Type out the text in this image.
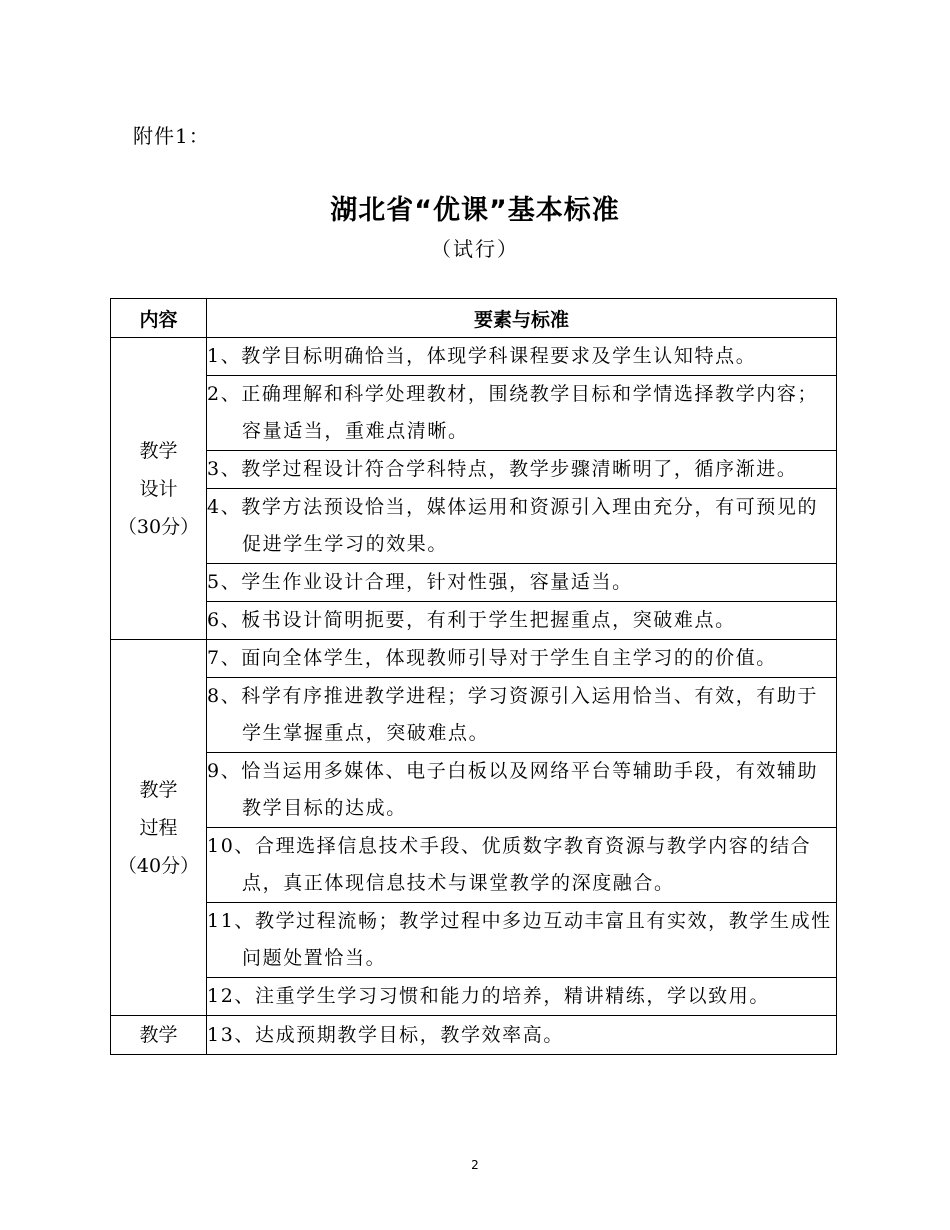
附件1：
湖北省“优课”基本标准
（试行）
内容	要素与标准

教学
设计
（30分）	1、教学目标明确恰当，体现学科课程要求及学生认知特点。

	2、正确理解和科学处理教材，围绕教学目标和学情选择教学内容；容量适当，重难点清晰。

	3、教学过程设计符合学科特点，教学步骤清晰明了，循序渐进。

	4、教学方法预设恰当，媒体运用和资源引入理由充分，有可预见的促进学生学习的效果。

	5、学生作业设计合理，针对性强，容量适当。

	6、板书设计简明扼要，有利于学生把握重点，突破难点。

教学
过程
（40分）	7、面向全体学生，体现教师引导对于学生自主学习的的价值。

	8、科学有序推进教学进程；学习资源引入运用恰当、有效，有助于学生掌握重点，突破难点。

	9、恰当运用多媒体、电子白板以及网络平台等辅助手段，有效辅助教学目标的达成。

	10、合理选择信息技术手段、优质数字教育资源与教学内容的结合点，真正体现信息技术与课堂教学的深度融合。

	11、教学过程流畅；教学过程中多边互动丰富且有实效，教学生成性问题处置恰当。

	12、注重学生学习习惯和能力的培养，精讲精练，学以致用。

教学	13、达成预期教学目标，教学效率高。
2
